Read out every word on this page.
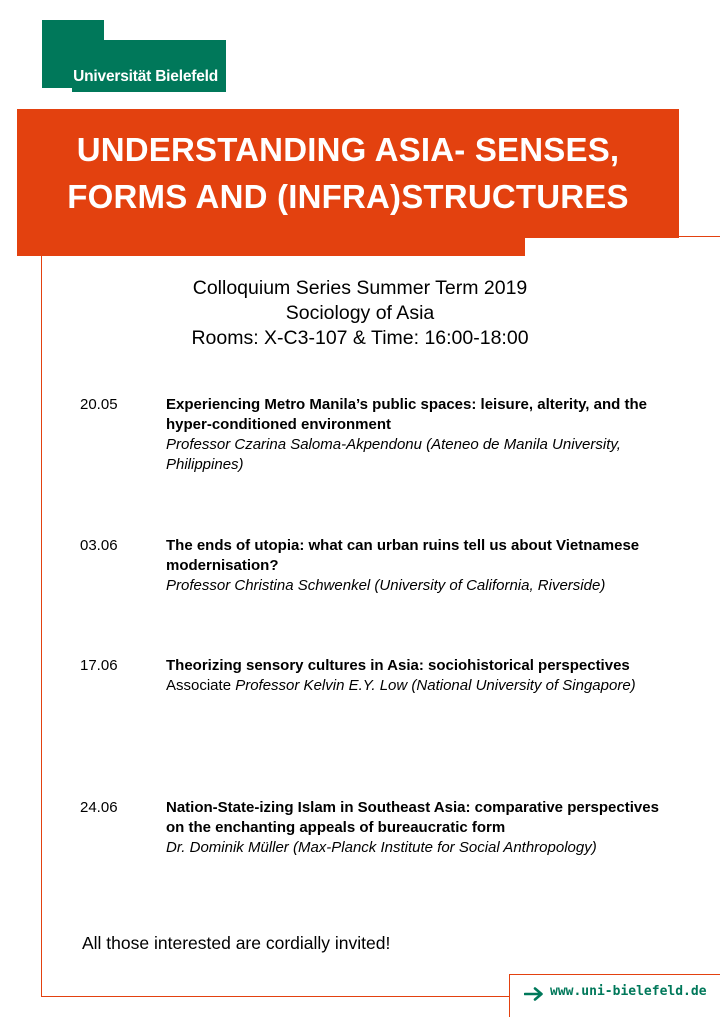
Universität Bielefeld
UNDERSTANDING ASIA- SENSES,
FORMS AND (INFRA)STRUCTURES
Colloquium Series Summer Term 2019
Sociology of Asia
Rooms: X-C3-107 & Time: 16:00-18:00
20.05	Experiencing Metro Manila’s public spaces: leisure, alterity, and the hyper-conditioned environment
Professor Czarina Saloma-Akpendonu (Ateneo de Manila University, Philippines)
03.06	The ends of utopia: what can urban ruins tell us about Vietnamese modernisation?
Professor Christina Schwenkel (University of California, Riverside)
17.06	Theorizing sensory cultures in Asia: sociohistorical perspectives
Associate Professor Kelvin E.Y. Low (National University of Singapore)
24.06	Nation-State-izing Islam in Southeast Asia: comparative perspectives on the enchanting appeals of bureaucratic form
Dr. Dominik Müller (Max-Planck Institute for Social Anthropology)
All those interested are cordially invited!
www.uni-bielefeld.de
